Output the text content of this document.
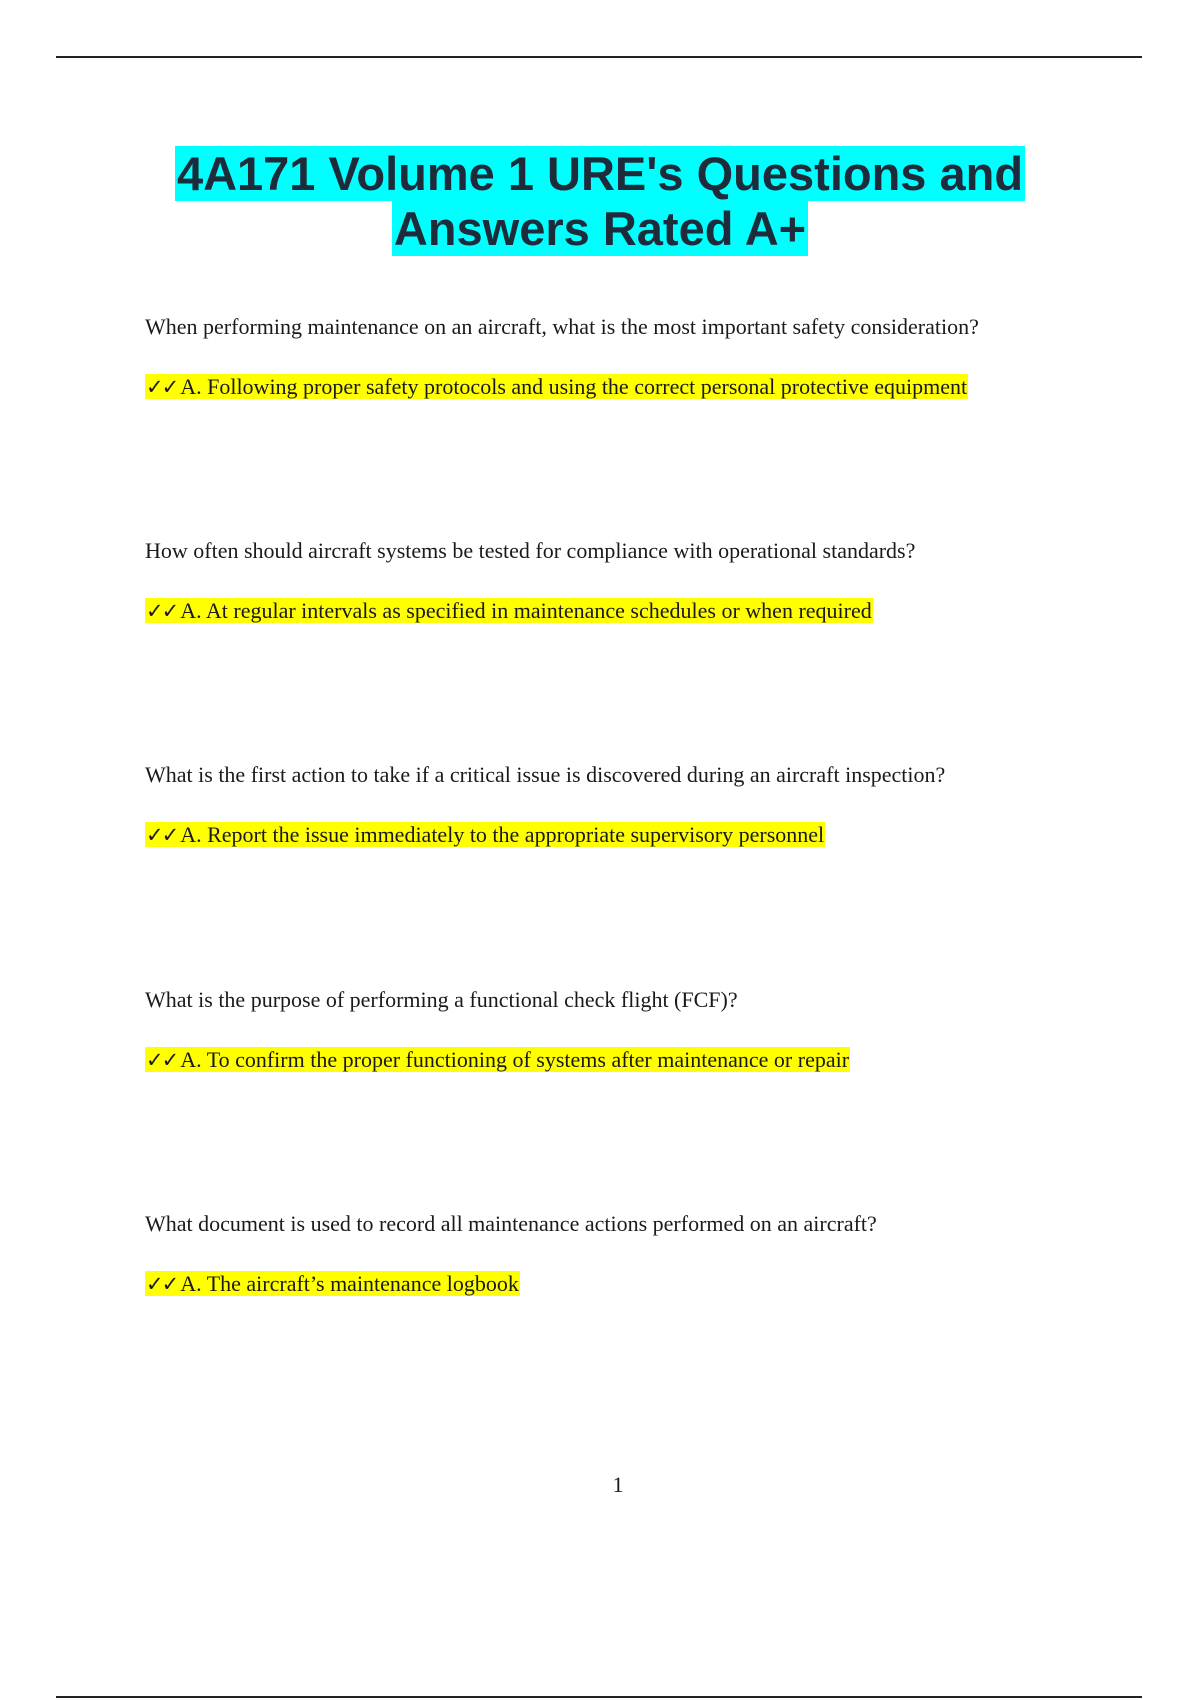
4A171 Volume 1 URE's Questions and
Answers Rated A+
When performing maintenance on an aircraft, what is the most important safety consideration?
✓✓ A. Following proper safety protocols and using the correct personal protective equipment
How often should aircraft systems be tested for compliance with operational standards?
✓✓ A. At regular intervals as specified in maintenance schedules or when required
What is the first action to take if a critical issue is discovered during an aircraft inspection?
✓✓ A. Report the issue immediately to the appropriate supervisory personnel
What is the purpose of performing a functional check flight (FCF)?
✓✓ A. To confirm the proper functioning of systems after maintenance or repair
What document is used to record all maintenance actions performed on an aircraft?
✓✓ A. The aircraft’s maintenance logbook
1
